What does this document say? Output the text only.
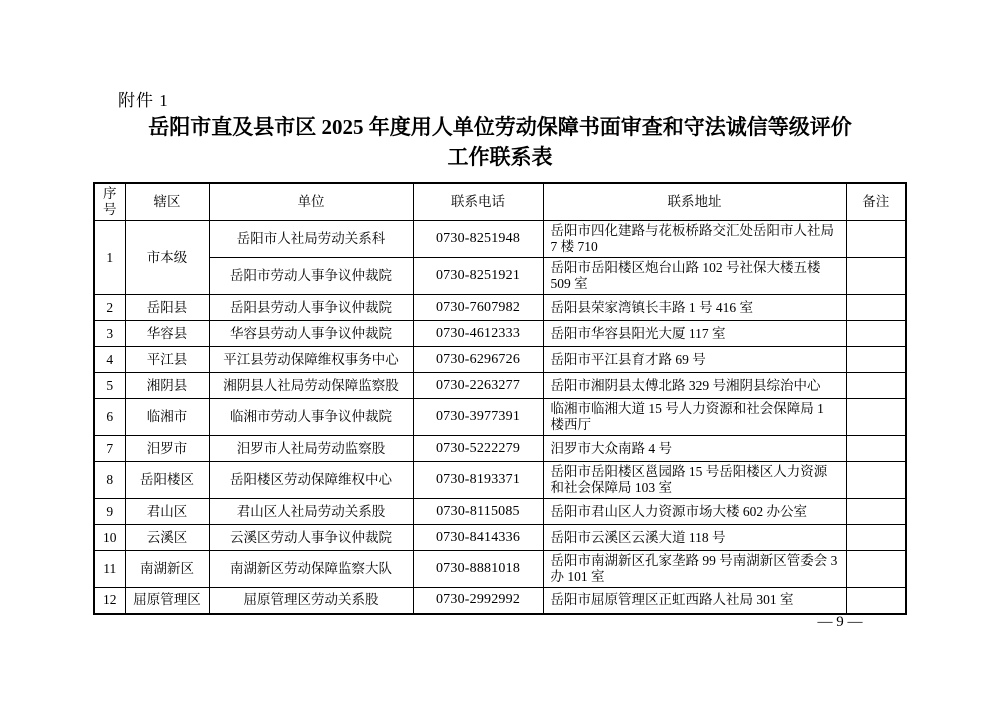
附件 1
岳阳市直及县市区 2025 年度用人单位劳动保障书面审查和守法诚信等级评价
工作联系表
序号	辖区	单位	联系电话	联系地址	备注
1	市本级	岳阳市人社局劳动关系科	0730-8251948	岳阳市四化建路与花板桥路交汇处岳阳市人社局 7 楼 710	
		岳阳市劳动人事争议仲裁院	0730-8251921	岳阳市岳阳楼区炮台山路 102 号社保大楼五楼 509 室	
2	岳阳县	岳阳县劳动人事争议仲裁院	0730-7607982	岳阳县荣家湾镇长丰路 1 号 416 室	
3	华容县	华容县劳动人事争议仲裁院	0730-4612333	岳阳市华容县阳光大厦 117 室	
4	平江县	平江县劳动保障维权事务中心	0730-6296726	岳阳市平江县育才路 69 号	
5	湘阴县	湘阴县人社局劳动保障监察股	0730-2263277	岳阳市湘阴县太傅北路 329 号湘阴县综治中心	
6	临湘市	临湘市劳动人事争议仲裁院	0730-3977391	临湘市临湘大道 15 号人力资源和社会保障局 1 楼西厅	
7	汨罗市	汨罗市人社局劳动监察股	0730-5222279	汨罗市大众南路 4 号	
8	岳阳楼区	岳阳楼区劳动保障维权中心	0730-8193371	岳阳市岳阳楼区邕园路 15 号岳阳楼区人力资源和社会保障局 103 室	
9	君山区	君山区人社局劳动关系股	0730-8115085	岳阳市君山区人力资源市场大楼 602 办公室	
10	云溪区	云溪区劳动人事争议仲裁院	0730-8414336	岳阳市云溪区云溪大道 118 号	
11	南湖新区	南湖新区劳动保障监察大队	0730-8881018	岳阳市南湖新区孔家垄路 99 号南湖新区管委会 3 办 101 室	
12	屈原管理区	屈原管理区劳动关系股	0730-2992992	岳阳市屈原管理区正虹西路人社局 301 室	
— 9 —
